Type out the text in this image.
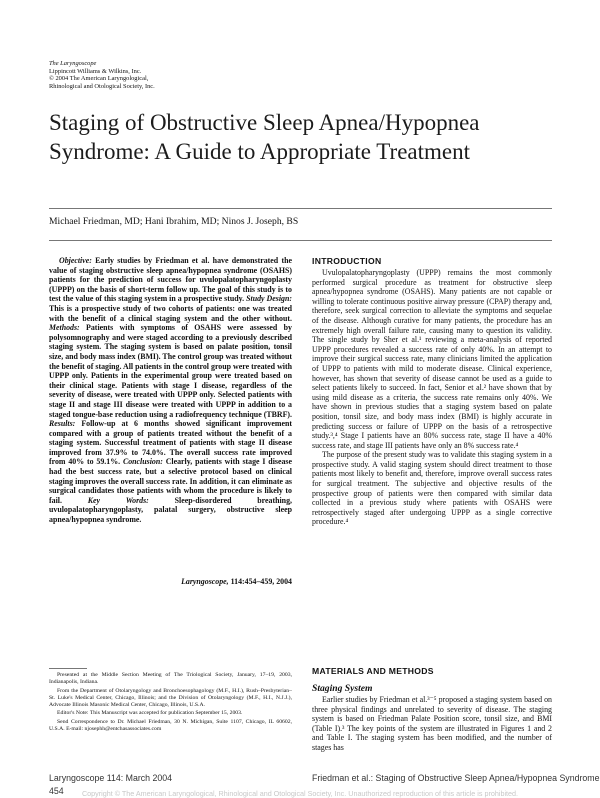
The Laryngoscope
Lippincott Williams & Wilkins, Inc.
© 2004 The American Laryngological,
Rhinological and Otological Society, Inc.
Staging of Obstructive Sleep Apnea/Hypopnea Syndrome: A Guide to Appropriate Treatment
Michael Friedman, MD; Hani Ibrahim, MD; Ninos J. Joseph, BS
Objective: Early studies by Friedman et al. have demonstrated the value of staging obstructive sleep apnea/hypopnea syndrome (OSAHS) patients for the prediction of success for uvulopalatopharyngoplasty (UPPP) on the basis of short-term follow up. The goal of this study is to test the value of this staging system in a prospective study. Study Design: This is a prospective study of two cohorts of patients: one was treated with the benefit of a clinical staging system and the other without. Methods: Patients with symptoms of OSAHS were assessed by polysomnography and were staged according to a previously described staging system. The staging system is based on palate position, tonsil size, and body mass index (BMI). The control group was treated without the benefit of staging. All patients in the control group were treated with UPPP only. Patients in the experimental group were treated based on their clinical stage. Patients with stage I disease, regardless of the severity of disease, were treated with UPPP only. Selected patients with stage II and stage III disease were treated with UPPP in addition to a staged tongue-base reduction using a radiofrequency technique (TBRF). Results: Follow-up at 6 months showed significant improvement compared with a group of patients treated without the benefit of a staging system. Successful treatment of patients with stage II disease improved from 37.9% to 74.0%. The overall success rate improved from 40% to 59.1%. Conclusion: Clearly, patients with stage I disease had the best success rate, but a selective protocol based on clinical staging improves the overall success rate. In addition, it can eliminate as surgical candidates those patients with whom the procedure is likely to fail.	Key Words:	Sleep-disordered breathing, uvulopalatopharyngoplasty, palatal surgery, obstructive sleep apnea/hypopnea syndrome.
Laryngoscope, 114:454–459, 2004

Presented at the Middle Section Meeting of The Triological Society, January, 17–19, 2003, Indianapolis, Indiana.

From the Department of Otolaryngology and Bronchoesophagology (M.F., H.I.), Rush–Presbyterian–St. Luke's Medical Center, Chicago, Illinois; and the Division of Otolaryngology (M.F., H.I., N.J.J.), Advocate Illinois Masonic Medical Center, Chicago, Illinois, U.S.A.

Editor's Note: This Manuscript was accepted for publication September 15, 2003.

Send Correspondence to Dr. Michael Friedman, 30 N. Michigan, Suite 1107, Chicago, IL 60602, U.S.A. E-mail: njosephh@entchasassociates.com

INTRODUCTION

Uvulopalatopharyngoplasty (UPPP) remains the most commonly performed surgical procedure as treatment for obstructive sleep apnea/hypopnea syndrome (OSAHS). Many patients are not capable or willing to tolerate continuous positive airway pressure (CPAP) therapy and, therefore, seek surgical correction to alleviate the symptoms and sequelae of the disease. Although curative for many patients, the procedure has an extremely high overall failure rate, causing many to question its validity. The single study by Sher et al.¹ reviewing a meta-analysis of reported UPPP procedures revealed a success rate of only 40%. In an attempt to improve their surgical success rate, many clinicians limited the application of UPPP to patients with mild to moderate disease. Clinical experience, however, has shown that severity of disease cannot be used as a guide to select patients likely to succeed. In fact, Senior et al.² have shown that by using mild disease as a criteria, the success rate remains only 40%. We have shown in previous studies that a staging system based on palate position, tonsil size, and body mass index (BMI) is highly accurate in predicting success or failure of UPPP on the basis of a retrospective study.³,⁴ Stage I patients have an 80% success rate, stage II have a 40% success rate, and stage III patients have only an 8% success rate.⁴

The purpose of the present study was to validate this staging system in a prospective study. A valid staging system should direct treatment to those patients most likely to benefit and, therefore, improve overall success rates for surgical treatment. The subjective and objective results of the prospective group of patients were then compared with similar data collected in a previous study where patients with OSAHS were retrospectively staged after undergoing UPPP as a single corrective procedure.⁴

MATERIALS AND METHODS
Staging System

Earlier studies by Friedman et al.³⁻⁵ proposed a staging system based on three physical findings and unrelated to severity of disease. The staging system is based on Friedman Palate Position score, tonsil size, and BMI (Table I).³ The key points of the system are illustrated in Figures 1 and 2 and Table I. The staging system has been modified, and the number of stages has

Laryngoscope 114: March 2004	Friedman et al.: Staging of Obstructive Sleep Apnea/Hypopnea Syndrome
454	Copyright © The American Laryngological, Rhinological and Otological Society, Inc. Unauthorized reproduction of this article is prohibited.
